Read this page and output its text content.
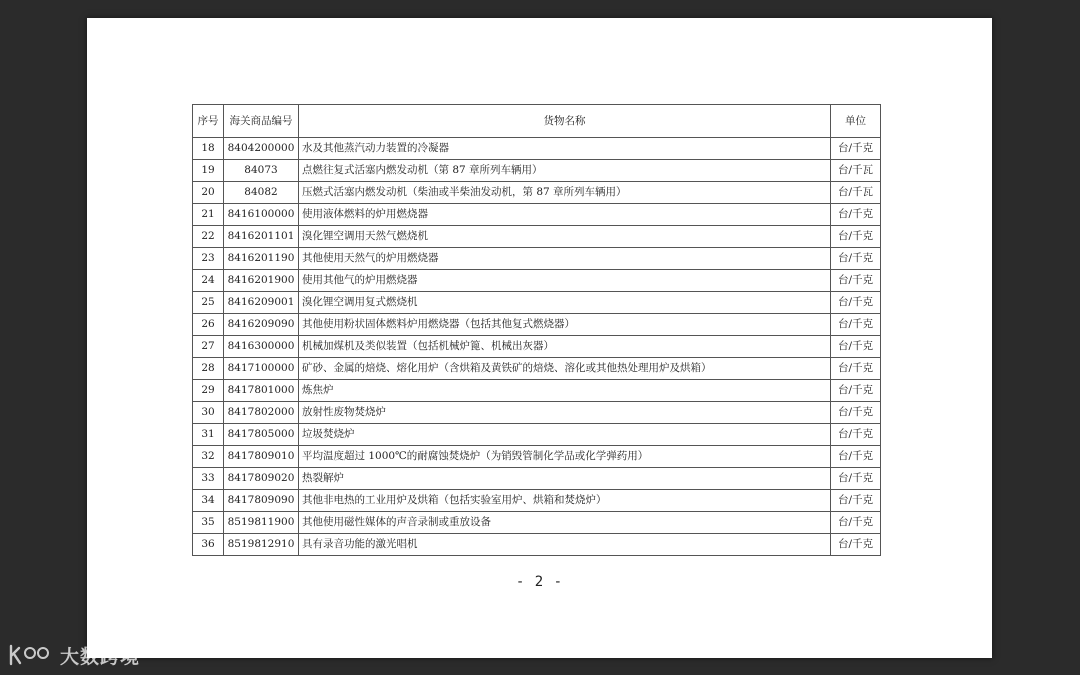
序号	海关商品编号	货物名称	单位
18	8404200000	水及其他蒸汽动力装置的冷凝器	台/千克
19	84073	点燃往复式活塞内燃发动机（第 87 章所列车辆用）	台/千瓦
20	84082	压燃式活塞内燃发动机（柴油或半柴油发动机，第 87 章所列车辆用）	台/千瓦
21	8416100000	使用液体燃料的炉用燃烧器	台/千克
22	8416201101	溴化锂空调用天然气燃烧机	台/千克
23	8416201190	其他使用天然气的炉用燃烧器	台/千克
24	8416201900	使用其他气的炉用燃烧器	台/千克
25	8416209001	溴化锂空调用复式燃烧机	台/千克
26	8416209090	其他使用粉状固体燃料炉用燃烧器（包括其他复式燃烧器）	台/千克
27	8416300000	机械加煤机及类似装置（包括机械炉篦、机械出灰器）	台/千克
28	8417100000	矿砂、金属的焙烧、熔化用炉（含烘箱及黄铁矿的焙烧、溶化或其他热处理用炉及烘箱）	台/千克
29	8417801000	炼焦炉	台/千克
30	8417802000	放射性废物焚烧炉	台/千克
31	8417805000	垃圾焚烧炉	台/千克
32	8417809010	平均温度超过 1000℃的耐腐蚀焚烧炉（为销毁管制化学品或化学弹药用）	台/千克
33	8417809020	热裂解炉	台/千克
34	8417809090	其他非电热的工业用炉及烘箱（包括实验室用炉、烘箱和焚烧炉）	台/千克
35	8519811900	其他使用磁性媒体的声音录制或重放设备	台/千克
36	8519812910	具有录音功能的激光唱机	台/千克
- 2 -
大数跨境
